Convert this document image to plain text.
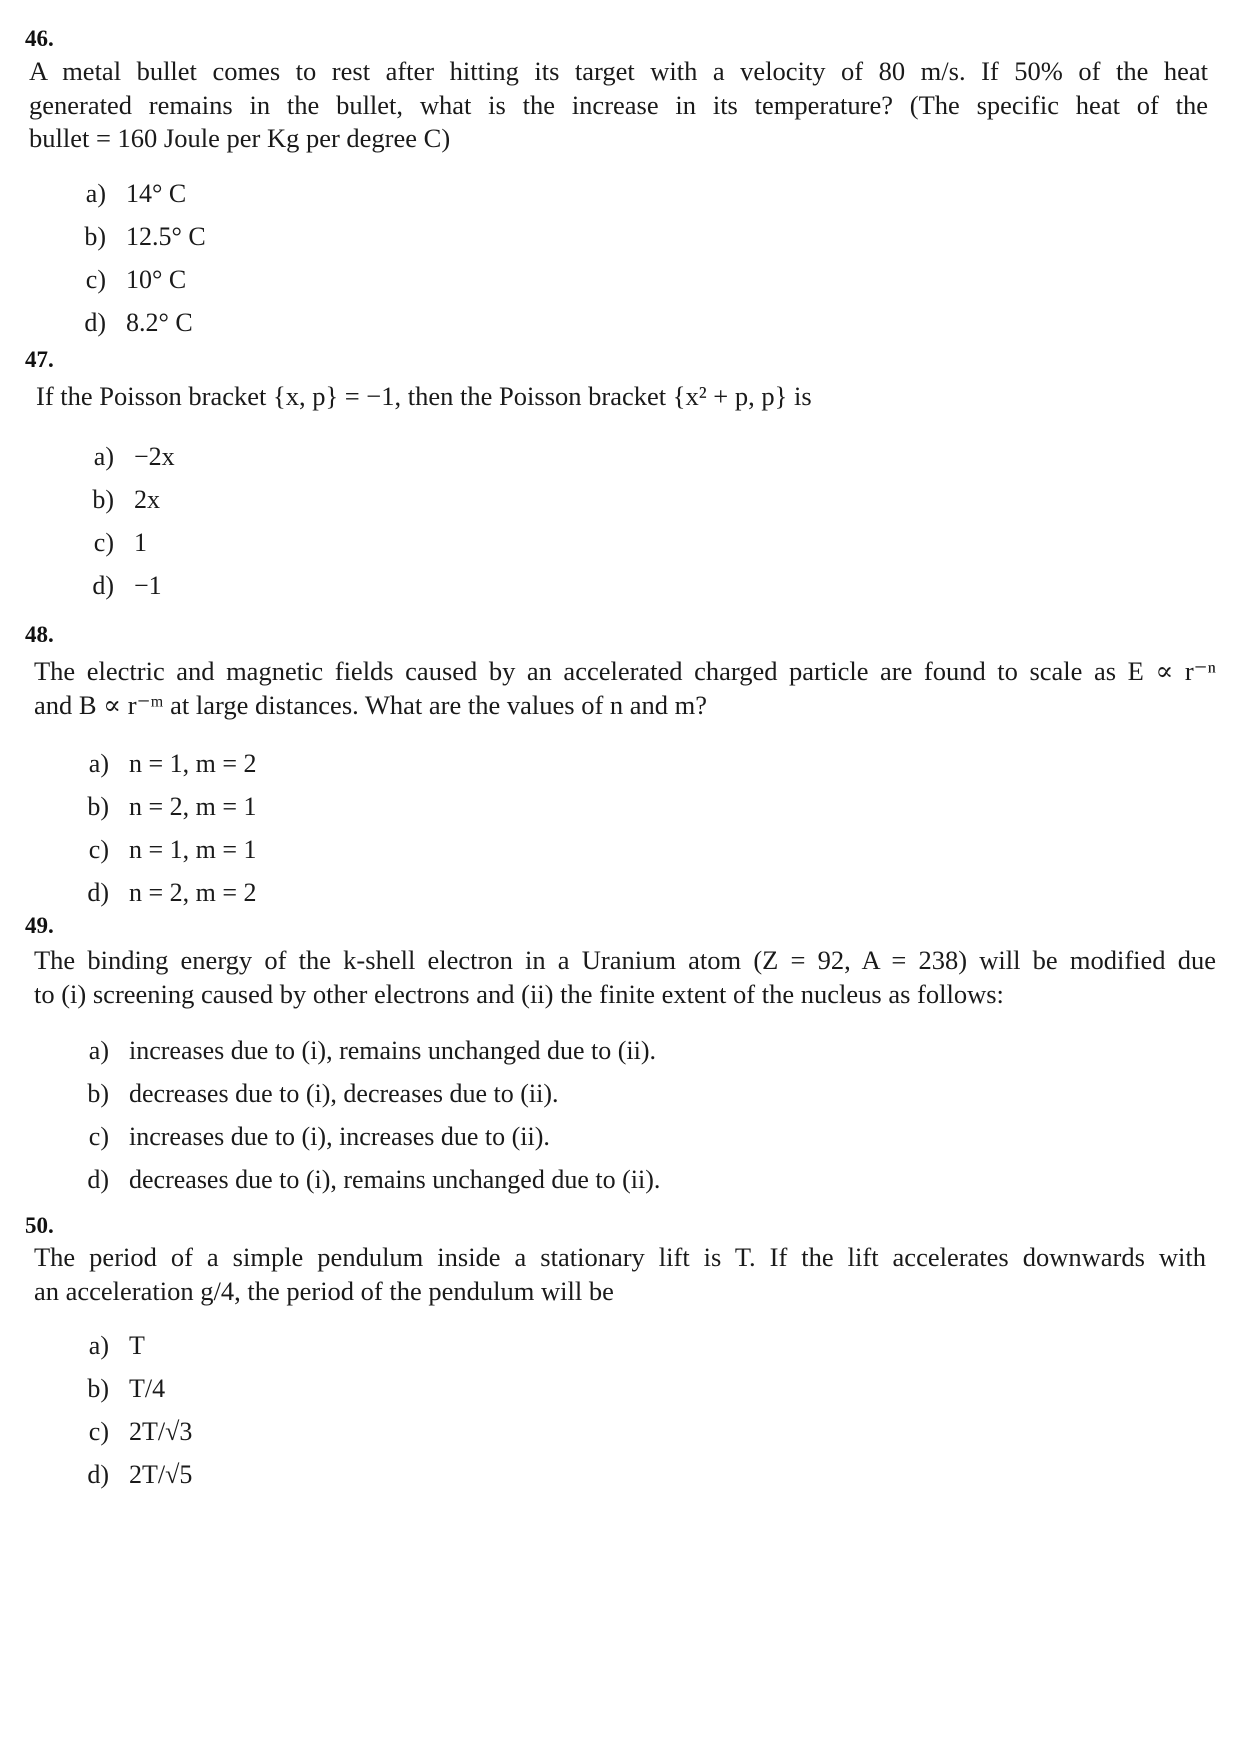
46.
A metal bullet comes to rest after hitting its target with a velocity of 80 m/s. If 50% of the heat
generated remains in the bullet, what is the increase in its temperature? (The specific heat of the
bullet = 160 Joule per Kg per degree C)
a) 14° C
b) 12.5° C
c) 10° C
d) 8.2° C
47.
If the Poisson bracket {x, p} = −1, then the Poisson bracket {x² + p, p} is
a) −2x
b) 2x
c) 1
d) −1
48.
The electric and magnetic fields caused by an accelerated charged particle are found to scale as E ∝ r⁻ⁿ
and B ∝ r⁻ᵐ at large distances. What are the values of n and m?
a) n = 1, m = 2
b) n = 2, m = 1
c) n = 1, m = 1
d) n = 2, m = 2
49.
The binding energy of the k-shell electron in a Uranium atom (Z = 92, A = 238) will be modified due
to (i) screening caused by other electrons and (ii) the finite extent of the nucleus as follows:
a) increases due to (i), remains unchanged due to (ii).
b) decreases due to (i), decreases due to (ii).
c) increases due to (i), increases due to (ii).
d) decreases due to (i), remains unchanged due to (ii).
50.
The period of a simple pendulum inside a stationary lift is T. If the lift accelerates downwards with
an acceleration g/4, the period of the pendulum will be
a) T
b) T/4
c) 2T/√3
d) 2T/√5
